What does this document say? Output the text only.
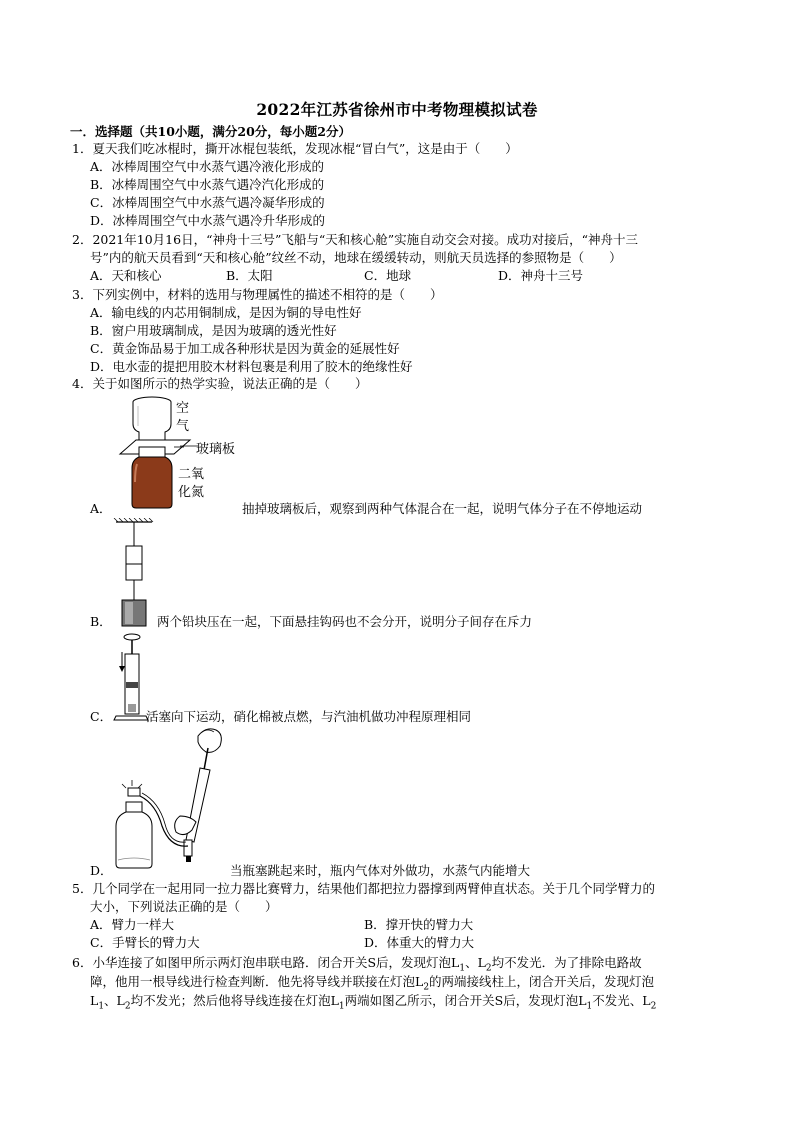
2022年江苏省徐州市中考物理模拟试卷
一．选择题（共10小题，满分20分，每小题2分）
1．夏天我们吃冰棍时，撕开冰棍包装纸，发现冰棍“冒白气”，这是由于（　　）
A．冰棒周围空气中水蒸气遇冷液化形成的
B．冰棒周围空气中水蒸气遇冷汽化形成的
C．冰棒周围空气中水蒸气遇冷凝华形成的
D．冰棒周围空气中水蒸气遇冷升华形成的
2．2021年10月16日，“神舟十三号”飞船与“天和核心舱”实施自动交会对接。成功对接后，“神舟十三
号”内的航天员看到“天和核心舱”纹丝不动，地球在缓缓转动，则航天员选择的参照物是（　　）
A．天和核心	B．太阳	C．地球	D．神舟十三号
3．下列实例中，材料的选用与物理属性的描述不相符的是（　　）
A．输电线的内芯用铜制成，是因为铜的导电性好
B．窗户用玻璃制成，是因为玻璃的透光性好
C．黄金饰品易于加工成各种形状是因为黄金的延展性好
D．电水壶的提把用胶木材料包裹是利用了胶木的绝缘性好
4．关于如图所示的热学实验，说法正确的是（　　）
空
气
玻璃板
二氧
化氮
A．	抽掉玻璃板后，观察到两种气体混合在一起，说明气体分子在不停地运动
B．	两个铅块压在一起，下面悬挂钩码也不会分开，说明分子间存在斥力
C．	活塞向下运动，硝化棉被点燃，与汽油机做功冲程原理相同
D．	当瓶塞跳起来时，瓶内气体对外做功，水蒸气内能增大
5．几个同学在一起用同一拉力器比赛臂力，结果他们都把拉力器撑到两臂伸直状态。关于几个同学臂力的
大小，下列说法正确的是（　　）
A．臂力一样大	B．撑开快的臂力大
C．手臂长的臂力大	D．体重大的臂力大
6．小华连接了如图甲所示两灯泡串联电路．闭合开关S后，发现灯泡$L_1$、$L_2$均不发光．为了排除电路故
障，他用一根导线进行检查判断．他先将导线并联接在灯泡$L_2$的两端接线柱上，闭合开关后，发现灯泡
$L_1$、$L_2$均不发光；然后他将导线连接在灯泡$L_1$两端如图乙所示，闭合开关S后，发现灯泡$L_1$不发光、$L_2$
